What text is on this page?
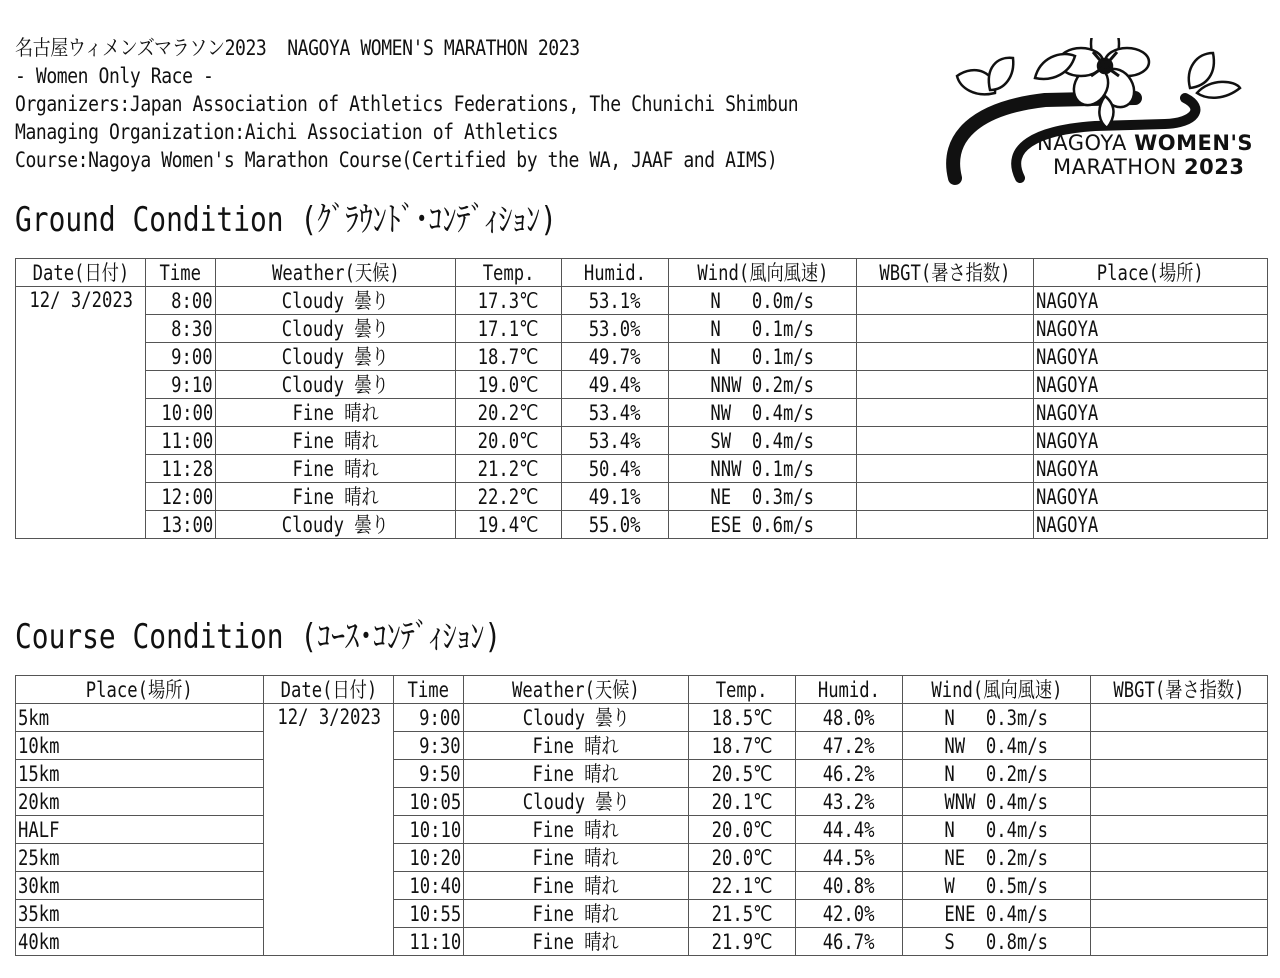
名古屋ウィメンズマラソン2023  NAGOYA WOMEN'S MARATHON 2023
- Women Only Race -
Organizers:Japan Association of Athletics Federations, The Chunichi Shimbun
Managing Organization:Aichi Association of Athletics
Course:Nagoya Women's Marathon Course(Certified by the WA, JAAF and AIMS)
NAGOYA WOMEN'S
MARATHON 2023
Ground Condition (ｸﾞﾗｳﾝﾄﾞ･ｺﾝﾃﾞｨｼｮﾝ)
Date(日付)	Time	Weather(天候)	Temp.	Humid.	Wind(風向風速)	WBGT(暑さ指数)	Place(場所)
12/ 3/2023	8:00	Cloudy 曇り	17.3℃	53.1%	N   0.0m/s		NAGOYA
	8:30	Cloudy 曇り	17.1℃	53.0%	N   0.1m/s		NAGOYA
	9:00	Cloudy 曇り	18.7℃	49.7%	N   0.1m/s		NAGOYA
	9:10	Cloudy 曇り	19.0℃	49.4%	NNW 0.2m/s		NAGOYA
	10:00	Fine 晴れ	20.2℃	53.4%	NW  0.4m/s		NAGOYA
	11:00	Fine 晴れ	20.0℃	53.4%	SW  0.4m/s		NAGOYA
	11:28	Fine 晴れ	21.2℃	50.4%	NNW 0.1m/s		NAGOYA
	12:00	Fine 晴れ	22.2℃	49.1%	NE  0.3m/s		NAGOYA
	13:00	Cloudy 曇り	19.4℃	55.0%	ESE 0.6m/s		NAGOYA
Course Condition (ｺｰｽ･ｺﾝﾃﾞｨｼｮﾝ)
Place(場所)	Date(日付)	Time	Weather(天候)	Temp.	Humid.	Wind(風向風速)	WBGT(暑さ指数)
5km	12/ 3/2023	9:00	Cloudy 曇り	18.5℃	48.0%	N   0.3m/s	
10km		9:30	Fine 晴れ	18.7℃	47.2%	NW  0.4m/s	
15km		9:50	Fine 晴れ	20.5℃	46.2%	N   0.2m/s	
20km		10:05	Cloudy 曇り	20.1℃	43.2%	WNW 0.4m/s	
HALF		10:10	Fine 晴れ	20.0℃	44.4%	N   0.4m/s	
25km		10:20	Fine 晴れ	20.0℃	44.5%	NE  0.2m/s	
30km		10:40	Fine 晴れ	22.1℃	40.8%	W   0.5m/s	
35km		10:55	Fine 晴れ	21.5℃	42.0%	ENE 0.4m/s	
40km		11:10	Fine 晴れ	21.9℃	46.7%	S   0.8m/s	
